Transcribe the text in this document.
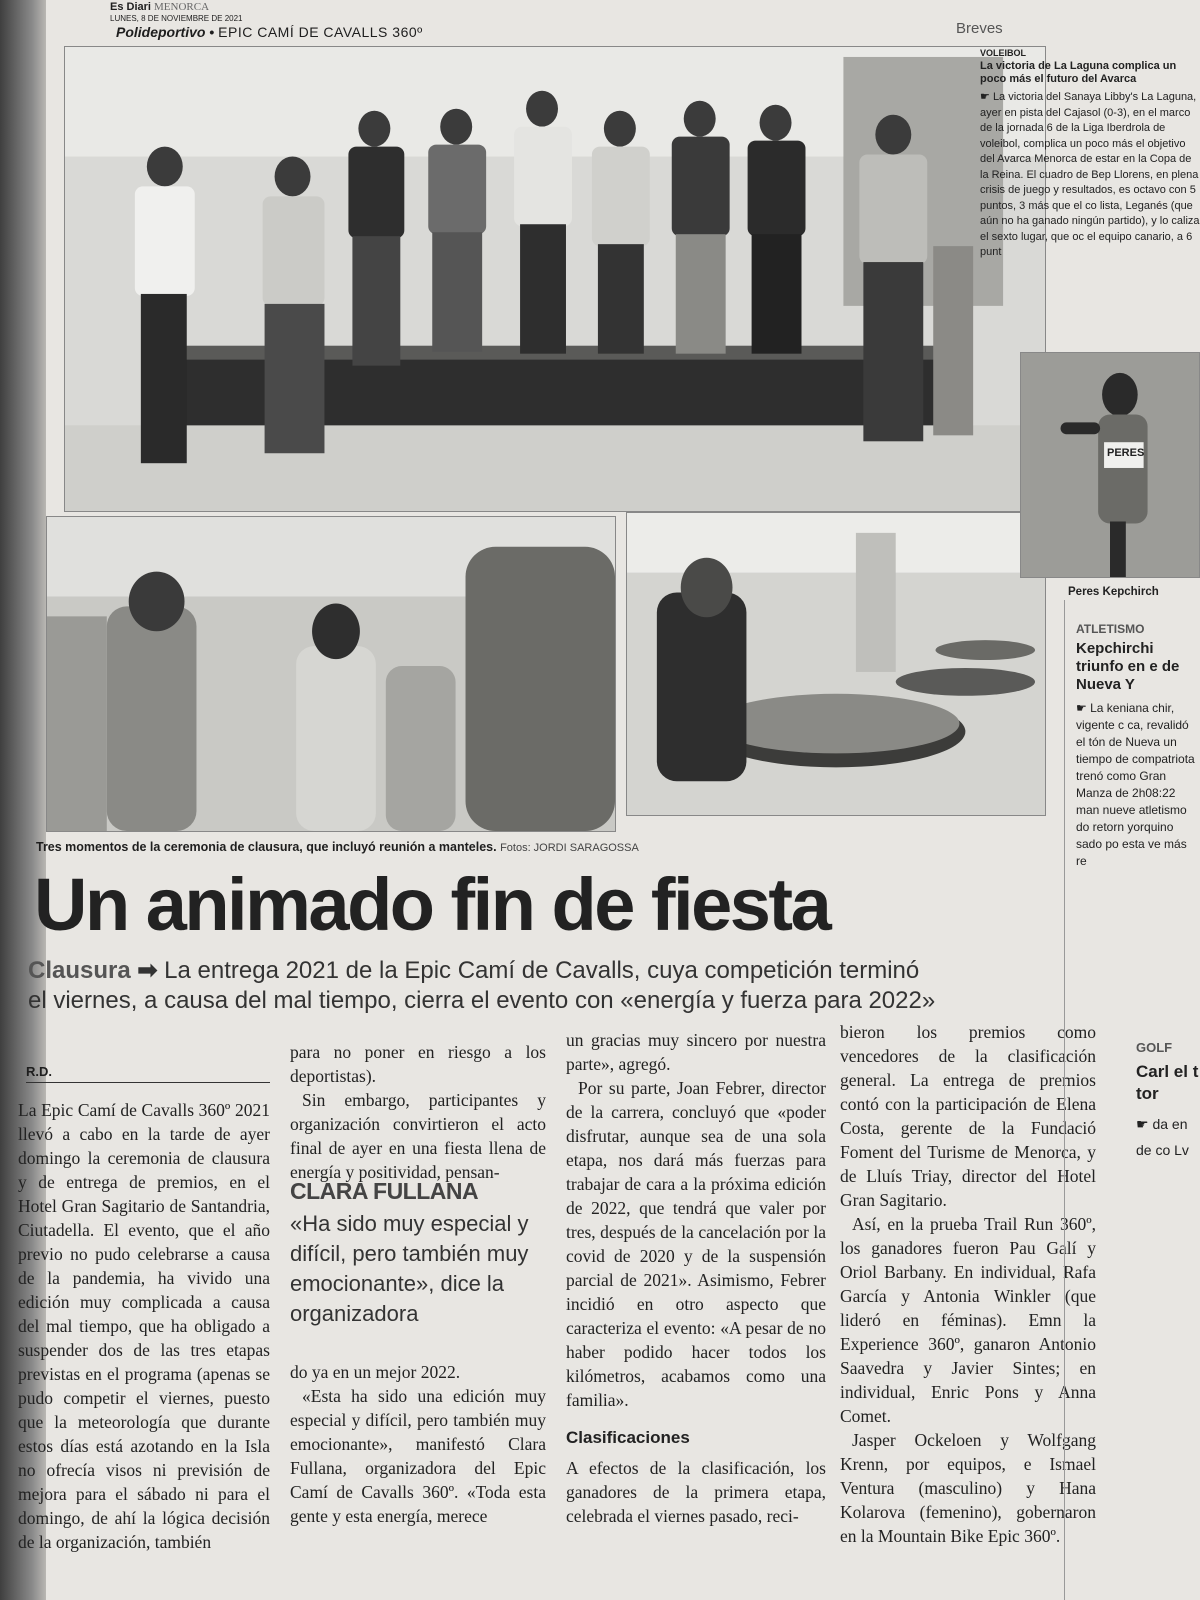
Es Diari MENORCA
LUNES, 8 DE NOVIEMBRE DE 2021
Polideportivo • EPIC CAMÍ DE CAVALLS 360º	Breves
Tres momentos de la ceremonia de clausura, que incluyó reunión a manteles. Fotos: JORDI SARAGOSSA
Un animado fin de fiesta
Clausura ➡ La entrega 2021 de la Epic Camí de Cavalls, cuya competición terminó
el viernes, a causa del mal tiempo, cierra el evento con «energía y fuerza para 2022»
R.D.

La Epic Camí de Cavalls 360º 2021 llevó a cabo en la tarde de ayer domingo la ceremonia de clausura y de entrega de premios, en el Hotel Gran Sagitario de Santandria, Ciutadella. El evento, que el año previo no pudo celebrarse a causa de la pandemia, ha vivido una edición muy complicada a causa del mal tiempo, que ha obligado a suspender dos de las tres etapas previstas en el programa (apenas se pudo competir el viernes, puesto que la meteorología que durante estos días está azotando en la Isla no ofrecía visos ni previsión de mejora para el sábado ni para el domingo, de ahí la lógica decisión de la organización, también

para no poner en riesgo a los deportistas).

Sin embargo, participantes y organización convirtieron el acto final de ayer en una fiesta llena de energía y positividad, pensan-

CLARA FULLANA
«Ha sido muy especial y difícil, pero también muy emocionante», dice la organizadora

do ya en un mejor 2022.

«Esta ha sido una edición muy especial y difícil, pero también muy emocionante», manifestó Clara Fullana, organizadora del Epic Camí de Cavalls 360º. «Toda esta gente y esta energía, merece

un gracias muy sincero por nuestra parte», agregó.

Por su parte, Joan Febrer, director de la carrera, concluyó que «poder disfrutar, aunque sea de una sola etapa, nos dará más fuerzas para trabajar de cara a la próxima edición de 2022, que tendrá que valer por tres, después de la cancelación por la covid de 2020 y de la suspensión parcial de 2021». Asimismo, Febrer incidió en otro aspecto que caracteriza el evento: «A pesar de no haber podido hacer todos los kilómetros, acabamos como una familia».

Clasificaciones

A efectos de la clasificación, los ganadores de la primera etapa, celebrada el viernes pasado, reci-

bieron los premios como vencedores de la clasificación general. La entrega de premios contó con la participación de Elena Costa, gerente de la Fundació Foment del Turisme de Menorca, y de Lluís Triay, director del Hotel Gran Sagitario.

Así, en la prueba Trail Run 360º, los ganadores fueron Pau Galí y Oriol Barbany. En individual, Rafa García y Antonia Winkler (que lideró en féminas). Emn la Experience 360º, ganaron Antonio Saavedra y Javier Sintes; en individual, Enric Pons y Anna Comet.

Jasper Ockeloen y Wolfgang Krenn, por equipos, e Ismael Ventura (masculino) y Hana Kolarova (femenino), gobernaron en la Mountain Bike Epic 360º.

VOLEIBOL
La victoria de La Laguna complica un poco más el futuro del Avarca
☛ La victoria del Sanaya Libby's La Laguna, ayer en pista del Cajasol (0-3), en el marco de la jornada 6 de la Liga Iberdrola de voleibol, complica un poco más el objetivo del Avarca Menorca de estar en la Copa de la Reina. El cuadro de Bep Llorens, en plena crisis de juego y resultados, es octavo con 5 puntos, 3 más que el co lista, Leganés (que aún no ha ganado ningún partido), y lo caliza el sexto lugar, que oc el equipo canario, a 6 punt
PERES
Peres Kepchirch
ATLETISMO
Kepchirchi triunfo en e de Nueva Y
☛ La keniana chir, vigente c ca, revalidó el tón de Nueva un tiempo de compatriota trenó como Gran Manza de 2h08:22 man nueve atletismo do retorn yorquino sado po esta ve más re
GOLF
Carl el t tor
☛ da en de co Lv
